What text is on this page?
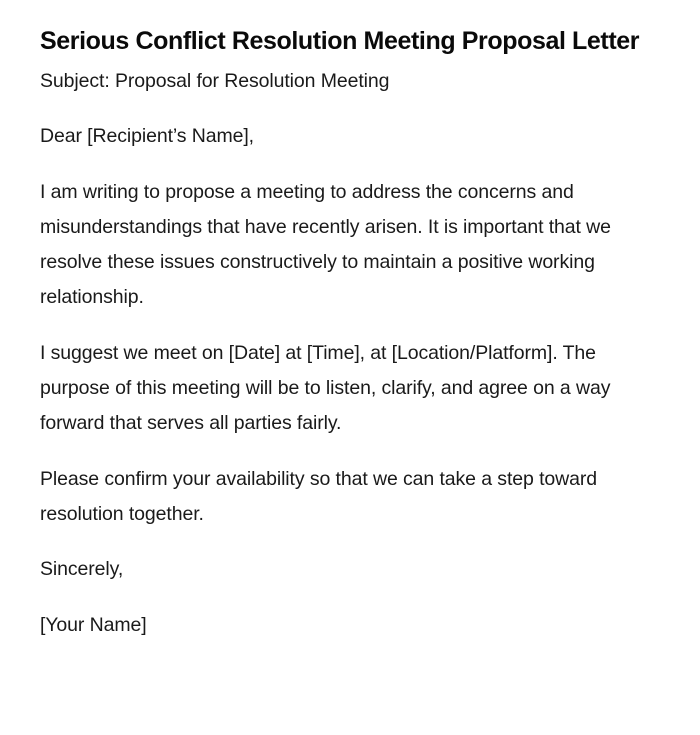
Serious Conflict Resolution Meeting Proposal Letter

Subject: Proposal for Resolution Meeting

Dear [Recipient’s Name],

I am writing to propose a meeting to address the concerns and misunderstandings that have recently arisen. It is important that we resolve these issues constructively to maintain a positive working relationship.

I suggest we meet on [Date] at [Time], at [Location/Platform]. The purpose of this meeting will be to listen, clarify, and agree on a way forward that serves all parties fairly.

Please confirm your availability so that we can take a step toward resolution together.

Sincerely,

[Your Name]
